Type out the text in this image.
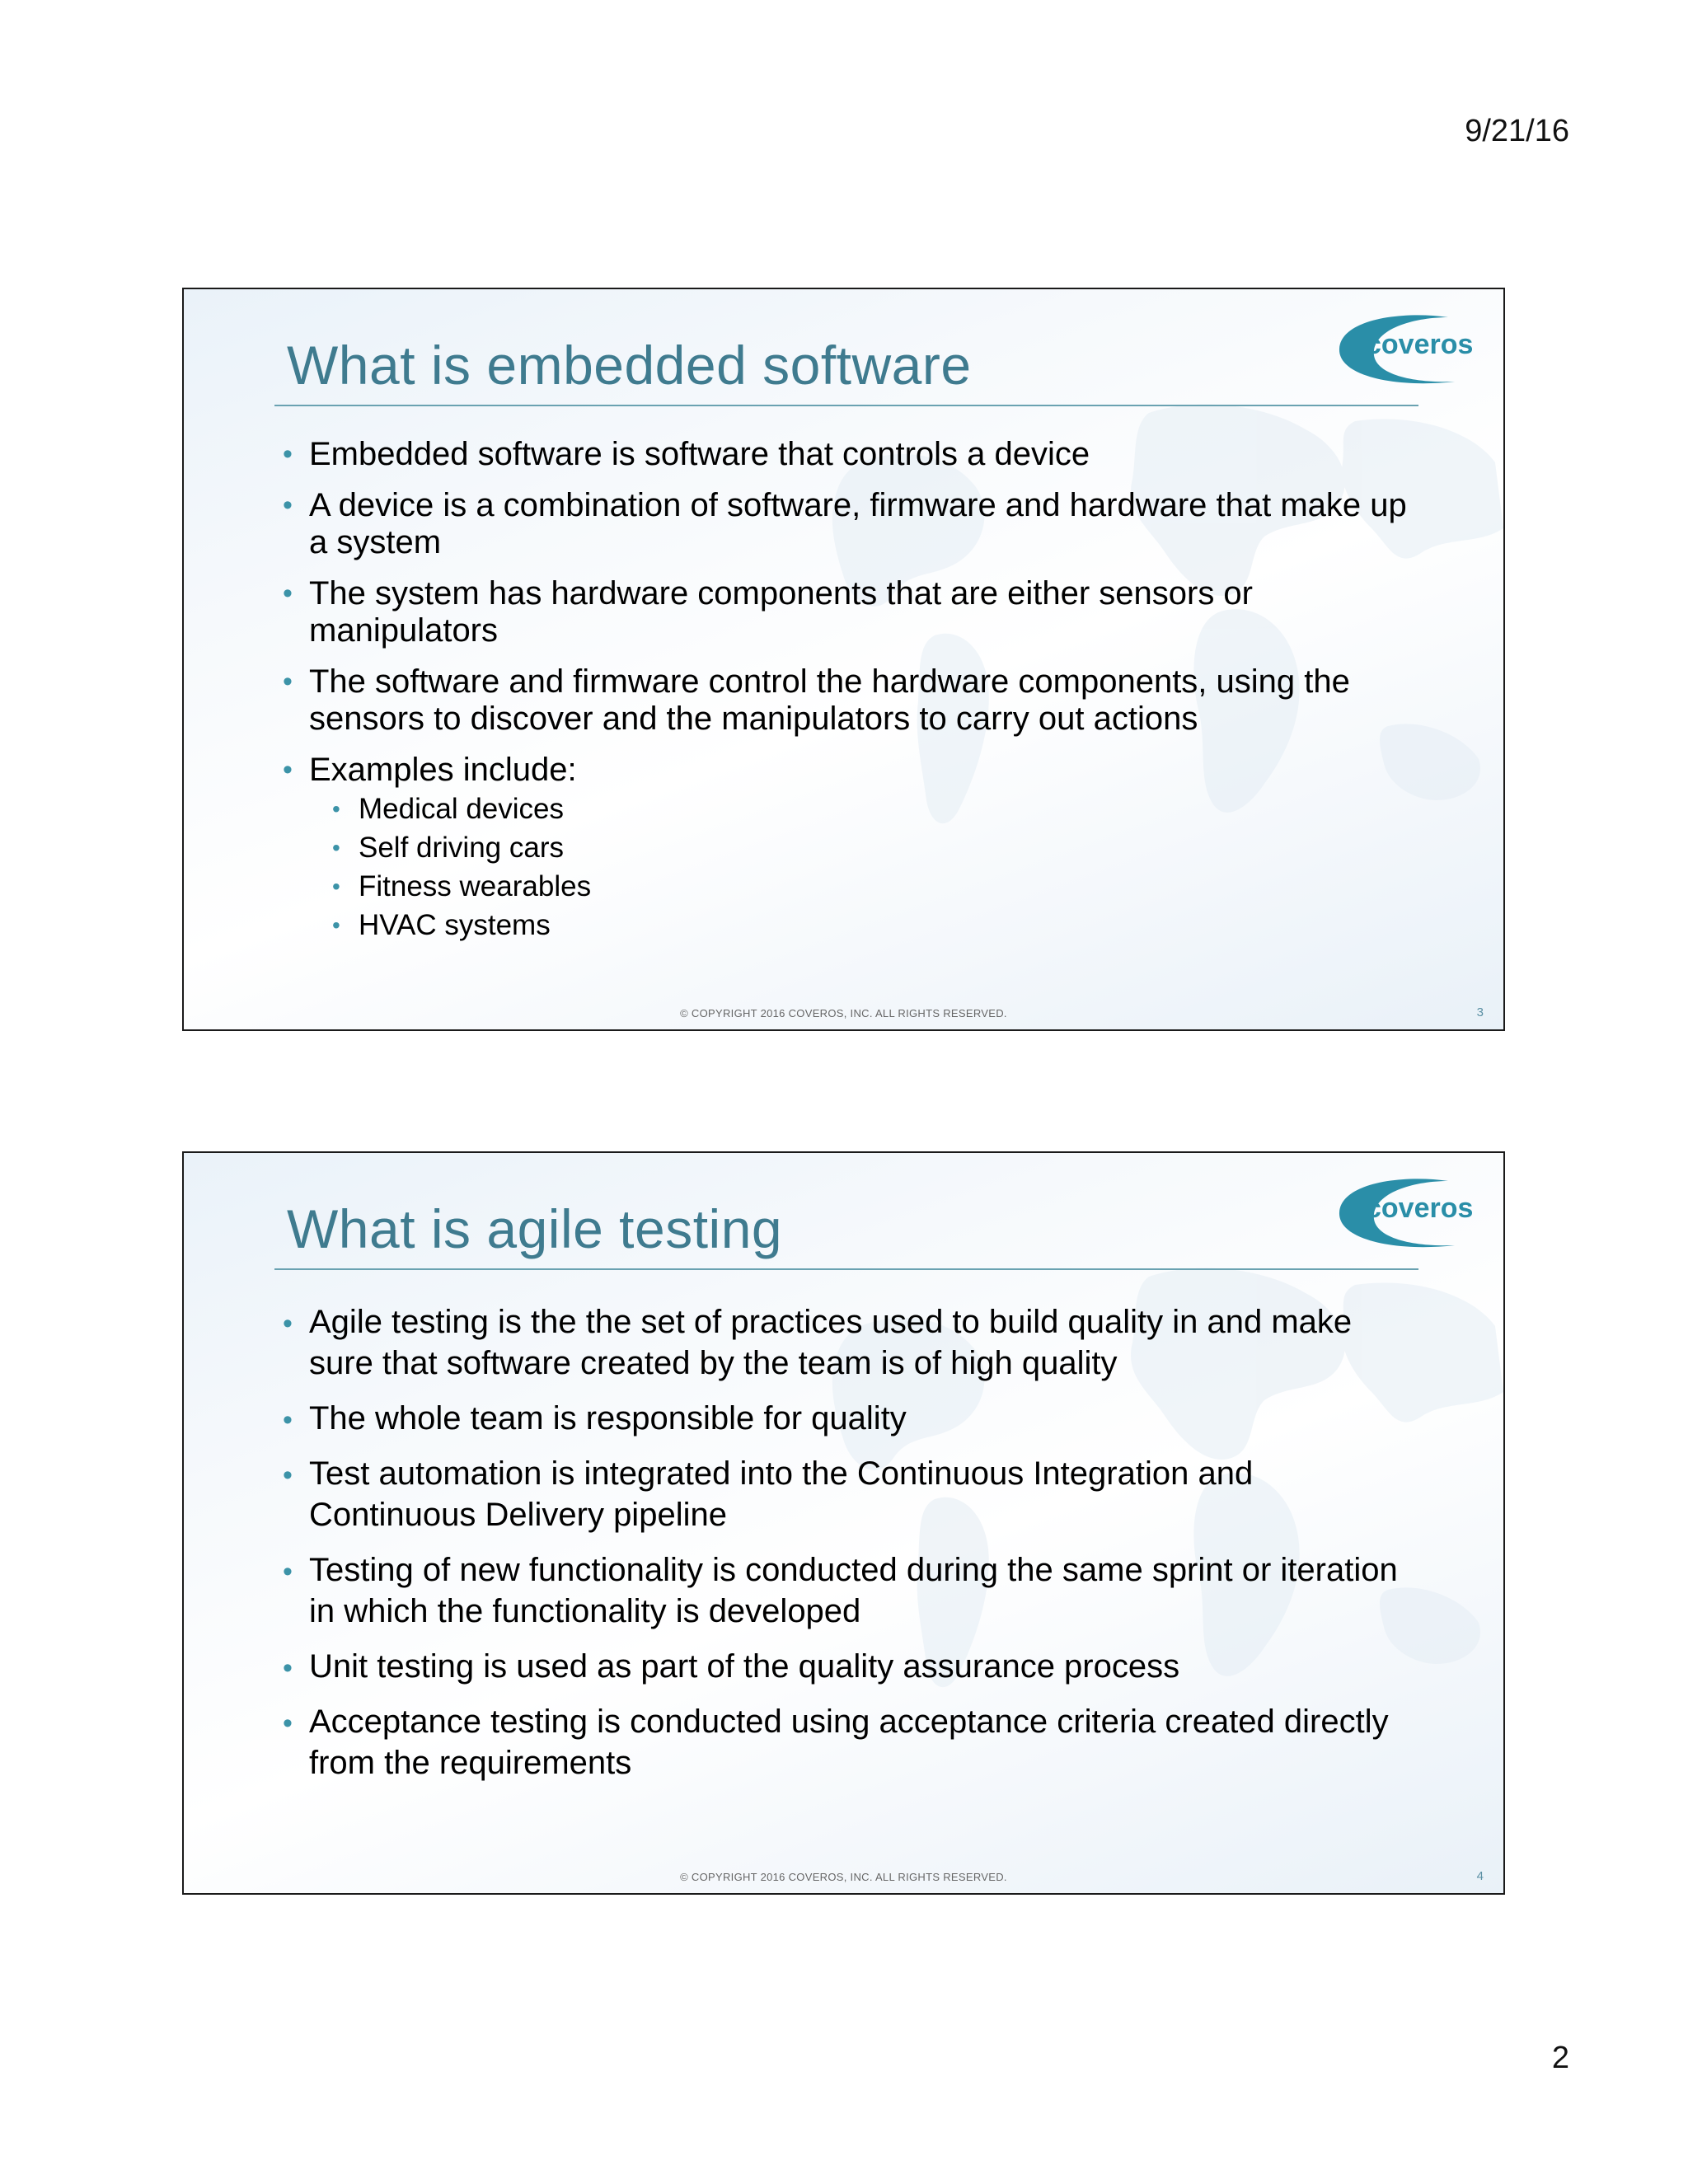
9/21/16
What is embedded software	coveros
• Embedded software is software that controls a device
• A device is a combination of software, firmware and hardware that make up a system
• The system has hardware components that are either sensors or manipulators
• The software and firmware control the hardware components, using the sensors to discover and the manipulators to carry out actions
• Examples include:
• Medical devices
• Self driving cars
• Fitness wearables
• HVAC systems
© COPYRIGHT 2016 COVEROS, INC. ALL RIGHTS RESERVED.	3
What is agile testing	coveros
• Agile testing is the the set of practices used to build quality in and make sure that software created by the team is of high quality
• The whole team is responsible for quality
• Test automation is integrated into the Continuous Integration and Continuous Delivery pipeline
• Testing of new functionality is conducted during the same sprint or iteration in which the functionality is developed
• Unit testing is used as part of the quality assurance process
• Acceptance testing is conducted using acceptance criteria created directly from the requirements
© COPYRIGHT 2016 COVEROS, INC. ALL RIGHTS RESERVED.	4
2
